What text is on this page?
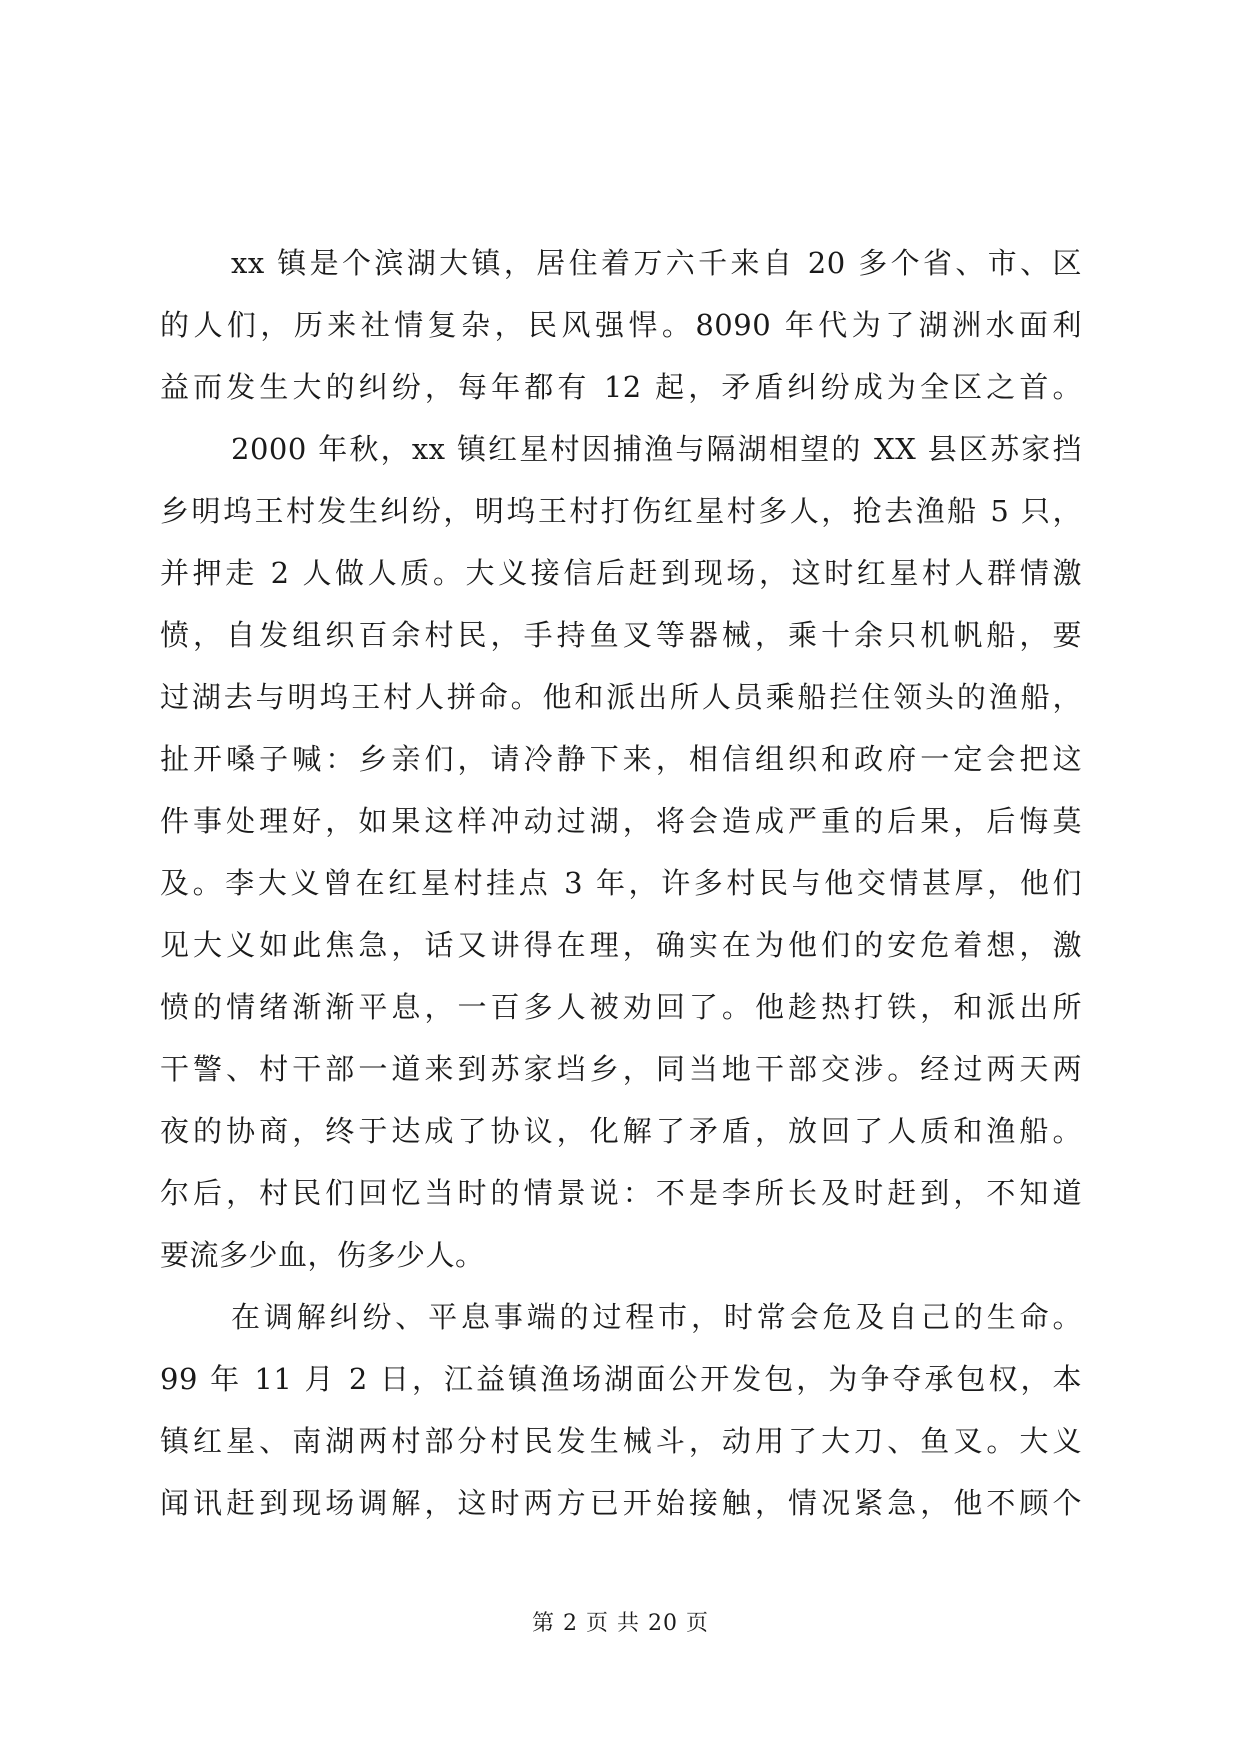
xx 镇是个滨湖大镇，居住着万六千来自 20 多个省、市、区
的人们，历来社情复杂，民风强悍。8090 年代为了湖洲水面利
益而发生大的纠纷，每年都有 12 起，矛盾纠纷成为全区之首。
2000 年秋，xx 镇红星村因捕渔与隔湖相望的 XX 县区苏家挡
乡明坞王村发生纠纷，明坞王村打伤红星村多人，抢去渔船 5 只，
并押走 2 人做人质。大义接信后赶到现场，这时红星村人群情激
愤，自发组织百余村民，手持鱼叉等器械，乘十余只机帆船，要
过湖去与明坞王村人拼命。他和派出所人员乘船拦住领头的渔船，
扯开嗓子喊：乡亲们，请冷静下来，相信组织和政府一定会把这
件事处理好，如果这样冲动过湖，将会造成严重的后果，后悔莫
及。李大义曾在红星村挂点 3 年，许多村民与他交情甚厚，他们
见大义如此焦急，话又讲得在理，确实在为他们的安危着想，激
愤的情绪渐渐平息，一百多人被劝回了。他趁热打铁，和派出所
干警、村干部一道来到苏家垱乡，同当地干部交涉。经过两天两
夜的协商，终于达成了协议，化解了矛盾，放回了人质和渔船。
尔后，村民们回忆当时的情景说：不是李所长及时赶到，不知道
要流多少血，伤多少人。
在调解纠纷、平息事端的过程巿，时常会危及自己的生命。
99 年 11 月 2 日，江益镇渔场湖面公开发包，为争夺承包权，本
镇红星、南湖两村部分村民发生械斗，动用了大刀、鱼叉。大义
闻讯赶到现场调解，这时两方已开始接触，情况紧急，他不顾个
第 2 页 共 20 页
